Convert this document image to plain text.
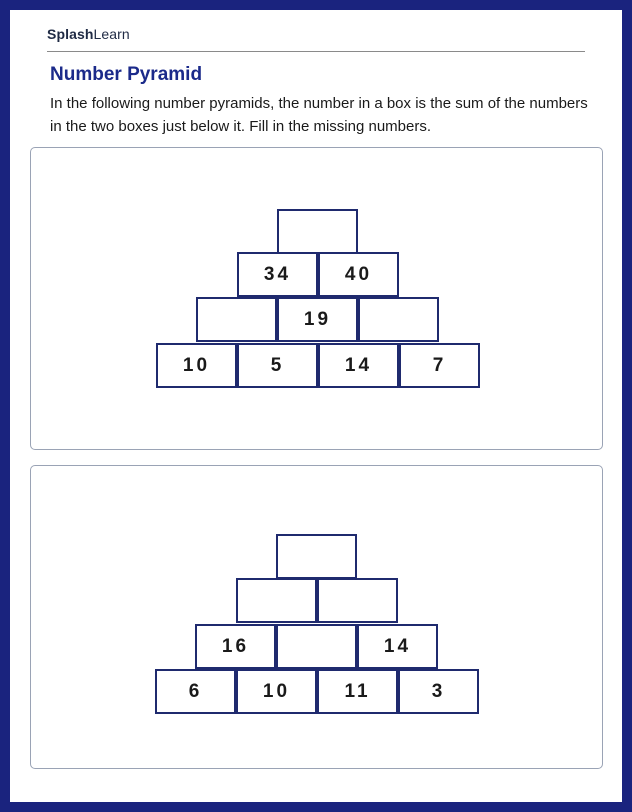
SplashLearn
Number Pyramid
In the following number pyramids, the number in a box is the sum of the numbers in the two boxes just below it. Fill in the missing numbers.
34	40
19
10	5	14	7
16	14
6	10	11	3
